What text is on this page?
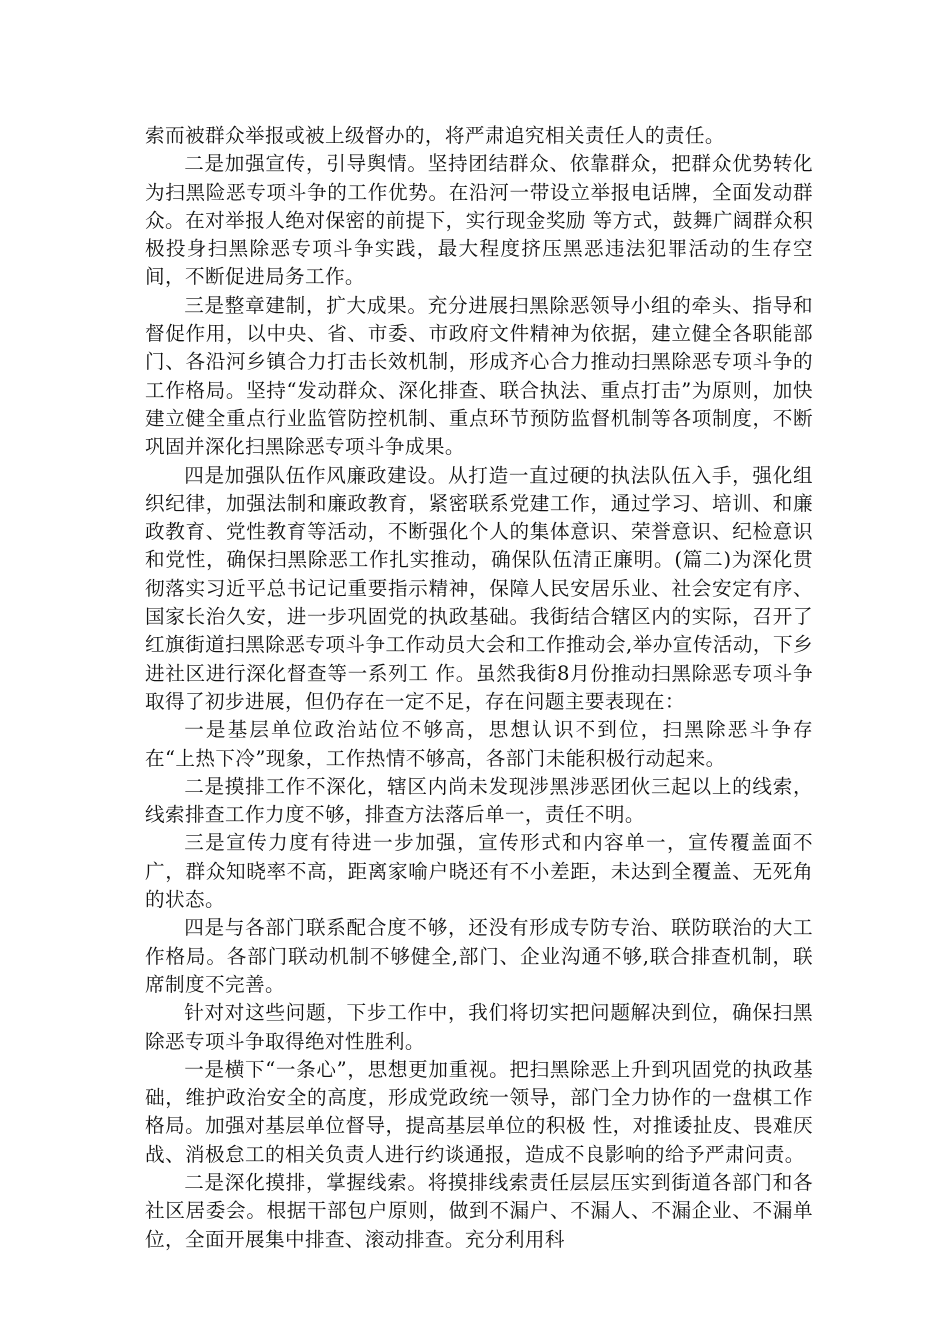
索而被群众举报或被上级督办的，将严肃追究相关责任人的责任。

二是加强宣传，引导舆情。坚持团结群众、依靠群众，把群众优势转化为扫黑险恶专项斗争的工作优势。在沿河一带设立举报电话牌，全面发动群众。在对举报人绝对保密的前提下，实行现金奖励 等方式，鼓舞广阔群众积极投身扫黑除恶专项斗争实践，最大程度挤压黑恶违法犯罪活动的生存空间，不断促进局务工作。

三是整章建制，扩大成果。充分进展扫黑除恶领导小组的牵头、指导和督促作用，以中央、省、市委、市政府文件精神为依据，建立健全各职能部门、各沿河乡镇合力打击长效机制，形成齐心合力推动扫黑除恶专项斗争的工作格局。坚持“发动群众、深化排查、联合执法、重点打击”为原则，加快建立健全重点行业监管防控机制、重点环节预防监督机制等各项制度，不断巩固并深化扫黑除恶专项斗争成果。

四是加强队伍作风廉政建设。从打造一直过硬的执法队伍入手，强化组织纪律，加强法制和廉政教育，紧密联系党建工作，通过学习、培训、和廉政教育、党性教育等活动，不断强化个人的集体意识、荣誉意识、纪检意识和党性，确保扫黑除恶工作扎实推动，确保队伍清正廉明。(篇二)为深化贯彻落实习近平总书记记重要指示精神，保障人民安居乐业、社会安定有序、国家长治久安，进一步巩固党的执政基础。我街结合辖区内的实际，召开了红旗街道扫黑除恶专项斗争工作动员大会和工作推动会,举办宣传活动，下乡进社区进行深化督查等一系列工 作。虽然我街8月份推动扫黑除恶专项斗争取得了初步进展，但仍存在一定不足，存在问题主要表现在：

一是基层单位政治站位不够高，思想认识不到位，扫黑除恶斗争存在“上热下冷”现象，工作热情不够高，各部门未能积极行动起来。

二是摸排工作不深化，辖区内尚未发现涉黑涉恶团伙三起以上的线索，线索排查工作力度不够，排查方法落后单一，责任不明。

三是宣传力度有待进一步加强，宣传形式和内容单一，宣传覆盖面不广，群众知晓率不高，距离家喻户晓还有不小差距，未达到全覆盖、无死角的状态。

四是与各部门联系配合度不够，还没有形成专防专治、联防联治的大工作格局。各部门联动机制不够健全,部门、企业沟通不够,联合排查机制，联席制度不完善。

针对对这些问题，下步工作中，我们将切实把问题解决到位，确保扫黑除恶专项斗争取得绝对性胜利。

一是横下“一条心”，思想更加重视。把扫黑除恶上升到巩固党的执政基础，维护政治安全的高度，形成党政统一领导，部门全力协作的一盘棋工作格局。加强对基层单位督导，提高基层单位的积极 性，对推诿扯皮、畏难厌战、消极怠工的相关负责人进行约谈通报，造成不良影响的给予严肃问责。

二是深化摸排，掌握线索。将摸排线索责任层层压实到街道各部门和各社区居委会。根据干部包户原则，做到不漏户、不漏人、不漏企业、不漏单位，全面开展集中排查、滚动排查。充分利用科
